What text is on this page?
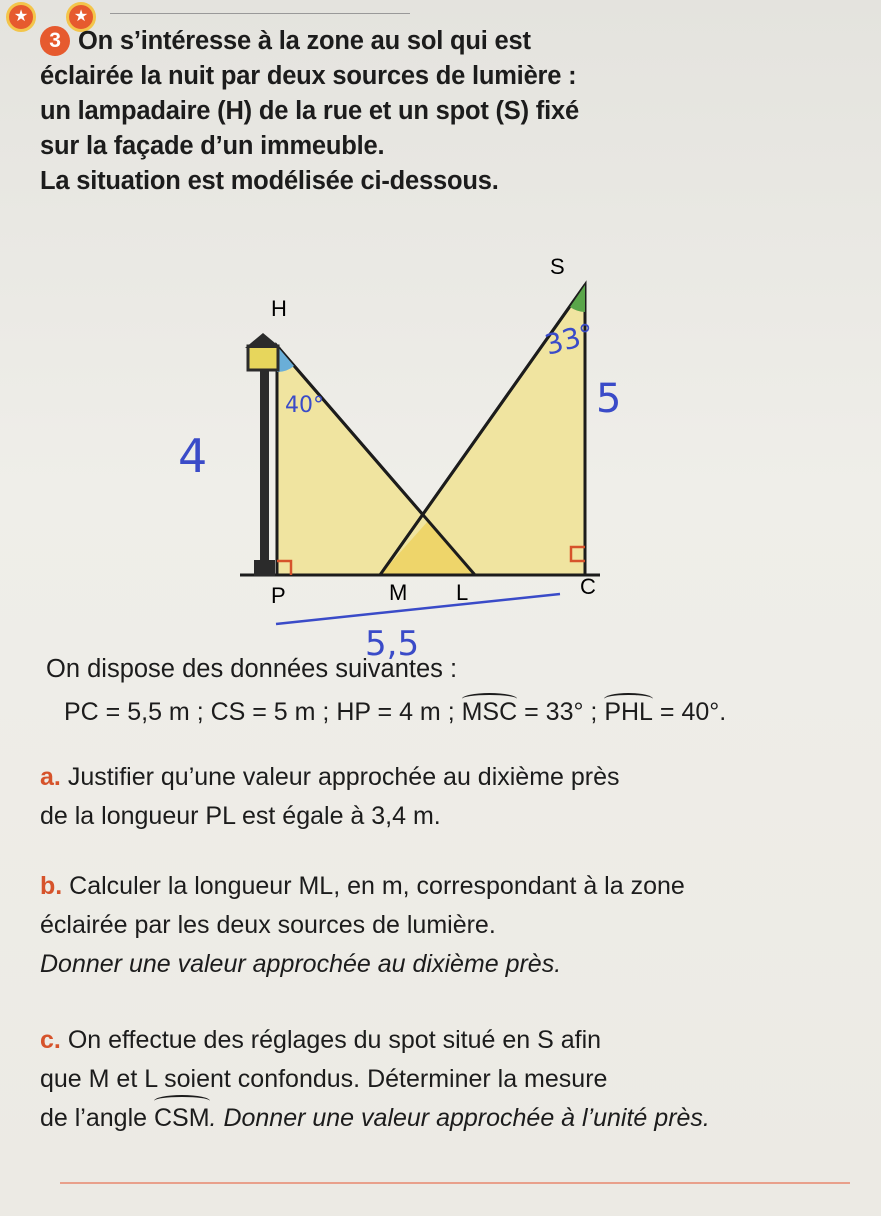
★	★

3 On s’intéresse à la zone au sol qui est

éclairée la nuit par deux sources de lumière :

un lampadaire (H) de la rue et un spot (S) fixé

sur la façade d’un immeuble.

La situation est modélisée ci-dessous.

S
H
P	M L	C
33°
40°	5
4
5,5
On dispose des données suivantes :
PC = 5,5 m ; CS = 5 m ; HP = 4 m ; MSC = 33° ; PHL = 40°.

a. Justifier qu’une valeur approchée au dixième près

de la longueur PL est égale à 3,4 m.

b. Calculer la longueur ML, en m, correspondant à la zone

éclairée par les deux sources de lumière.

Donner une valeur approchée au dixième près.

c. On effectue des réglages du spot situé en S afin

que M et L soient confondus. Déterminer la mesure

de l’angle CSM. Donner une valeur approchée à l’unité près.
